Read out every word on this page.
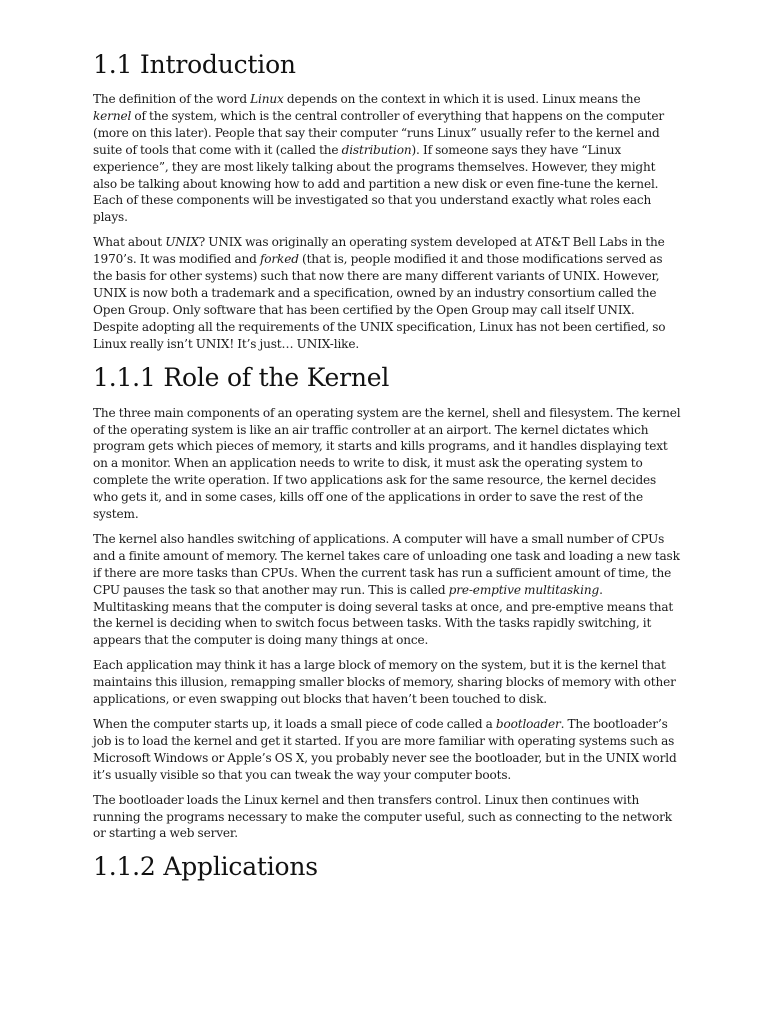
1.1 Introduction

The definition of the word Linux depends on the context in which it is used. Linux means the kernel of the system, which is the central controller of everything that happens on the computer (more on this later). People that say their computer “runs Linux” usually refer to the kernel and suite of tools that come with it (called the distribution). If someone says they have “Linux experience”, they are most likely talking about the programs themselves. However, they might also be talking about knowing how to add and partition a new disk or even fine-tune the kernel. Each of these components will be investigated so that you understand exactly what roles each plays.

What about UNIX? UNIX was originally an operating system developed at AT&T Bell Labs in the 1970’s. It was modified and forked (that is, people modified it and those modifications served as the basis for other systems) such that now there are many different variants of UNIX. However, UNIX is now both a trademark and a specification, owned by an industry consortium called the Open Group. Only software that has been certified by the Open Group may call itself UNIX. Despite adopting all the requirements of the UNIX specification, Linux has not been certified, so Linux really isn’t UNIX! It’s just… UNIX-like.

1.1.1 Role of the Kernel

The three main components of an operating system are the kernel, shell and filesystem. The kernel of the operating system is like an air traffic controller at an airport. The kernel dictates which program gets which pieces of memory, it starts and kills programs, and it handles displaying text on a monitor. When an application needs to write to disk, it must ask the operating system to complete the write operation. If two applications ask for the same resource, the kernel decides who gets it, and in some cases, kills off one of the applications in order to save the rest of the system.

The kernel also handles switching of applications. A computer will have a small number of CPUs and a finite amount of memory. The kernel takes care of unloading one task and loading a new task if there are more tasks than CPUs. When the current task has run a sufficient amount of time, the CPU pauses the task so that another may run. This is called pre-emptive multitasking. Multitasking means that the computer is doing several tasks at once, and pre-emptive means that the kernel is deciding when to switch focus between tasks. With the tasks rapidly switching, it appears that the computer is doing many things at once.

Each application may think it has a large block of memory on the system, but it is the kernel that maintains this illusion, remapping smaller blocks of memory, sharing blocks of memory with other applications, or even swapping out blocks that haven’t been touched to disk.

When the computer starts up, it loads a small piece of code called a bootloader. The bootloader’s job is to load the kernel and get it started. If you are more familiar with operating systems such as Microsoft Windows or Apple’s OS X, you probably never see the bootloader, but in the UNIX world it’s usually visible so that you can tweak the way your computer boots.

The bootloader loads the Linux kernel and then transfers control. Linux then continues with running the programs necessary to make the computer useful, such as connecting to the network or starting a web server.

1.1.2 Applications
